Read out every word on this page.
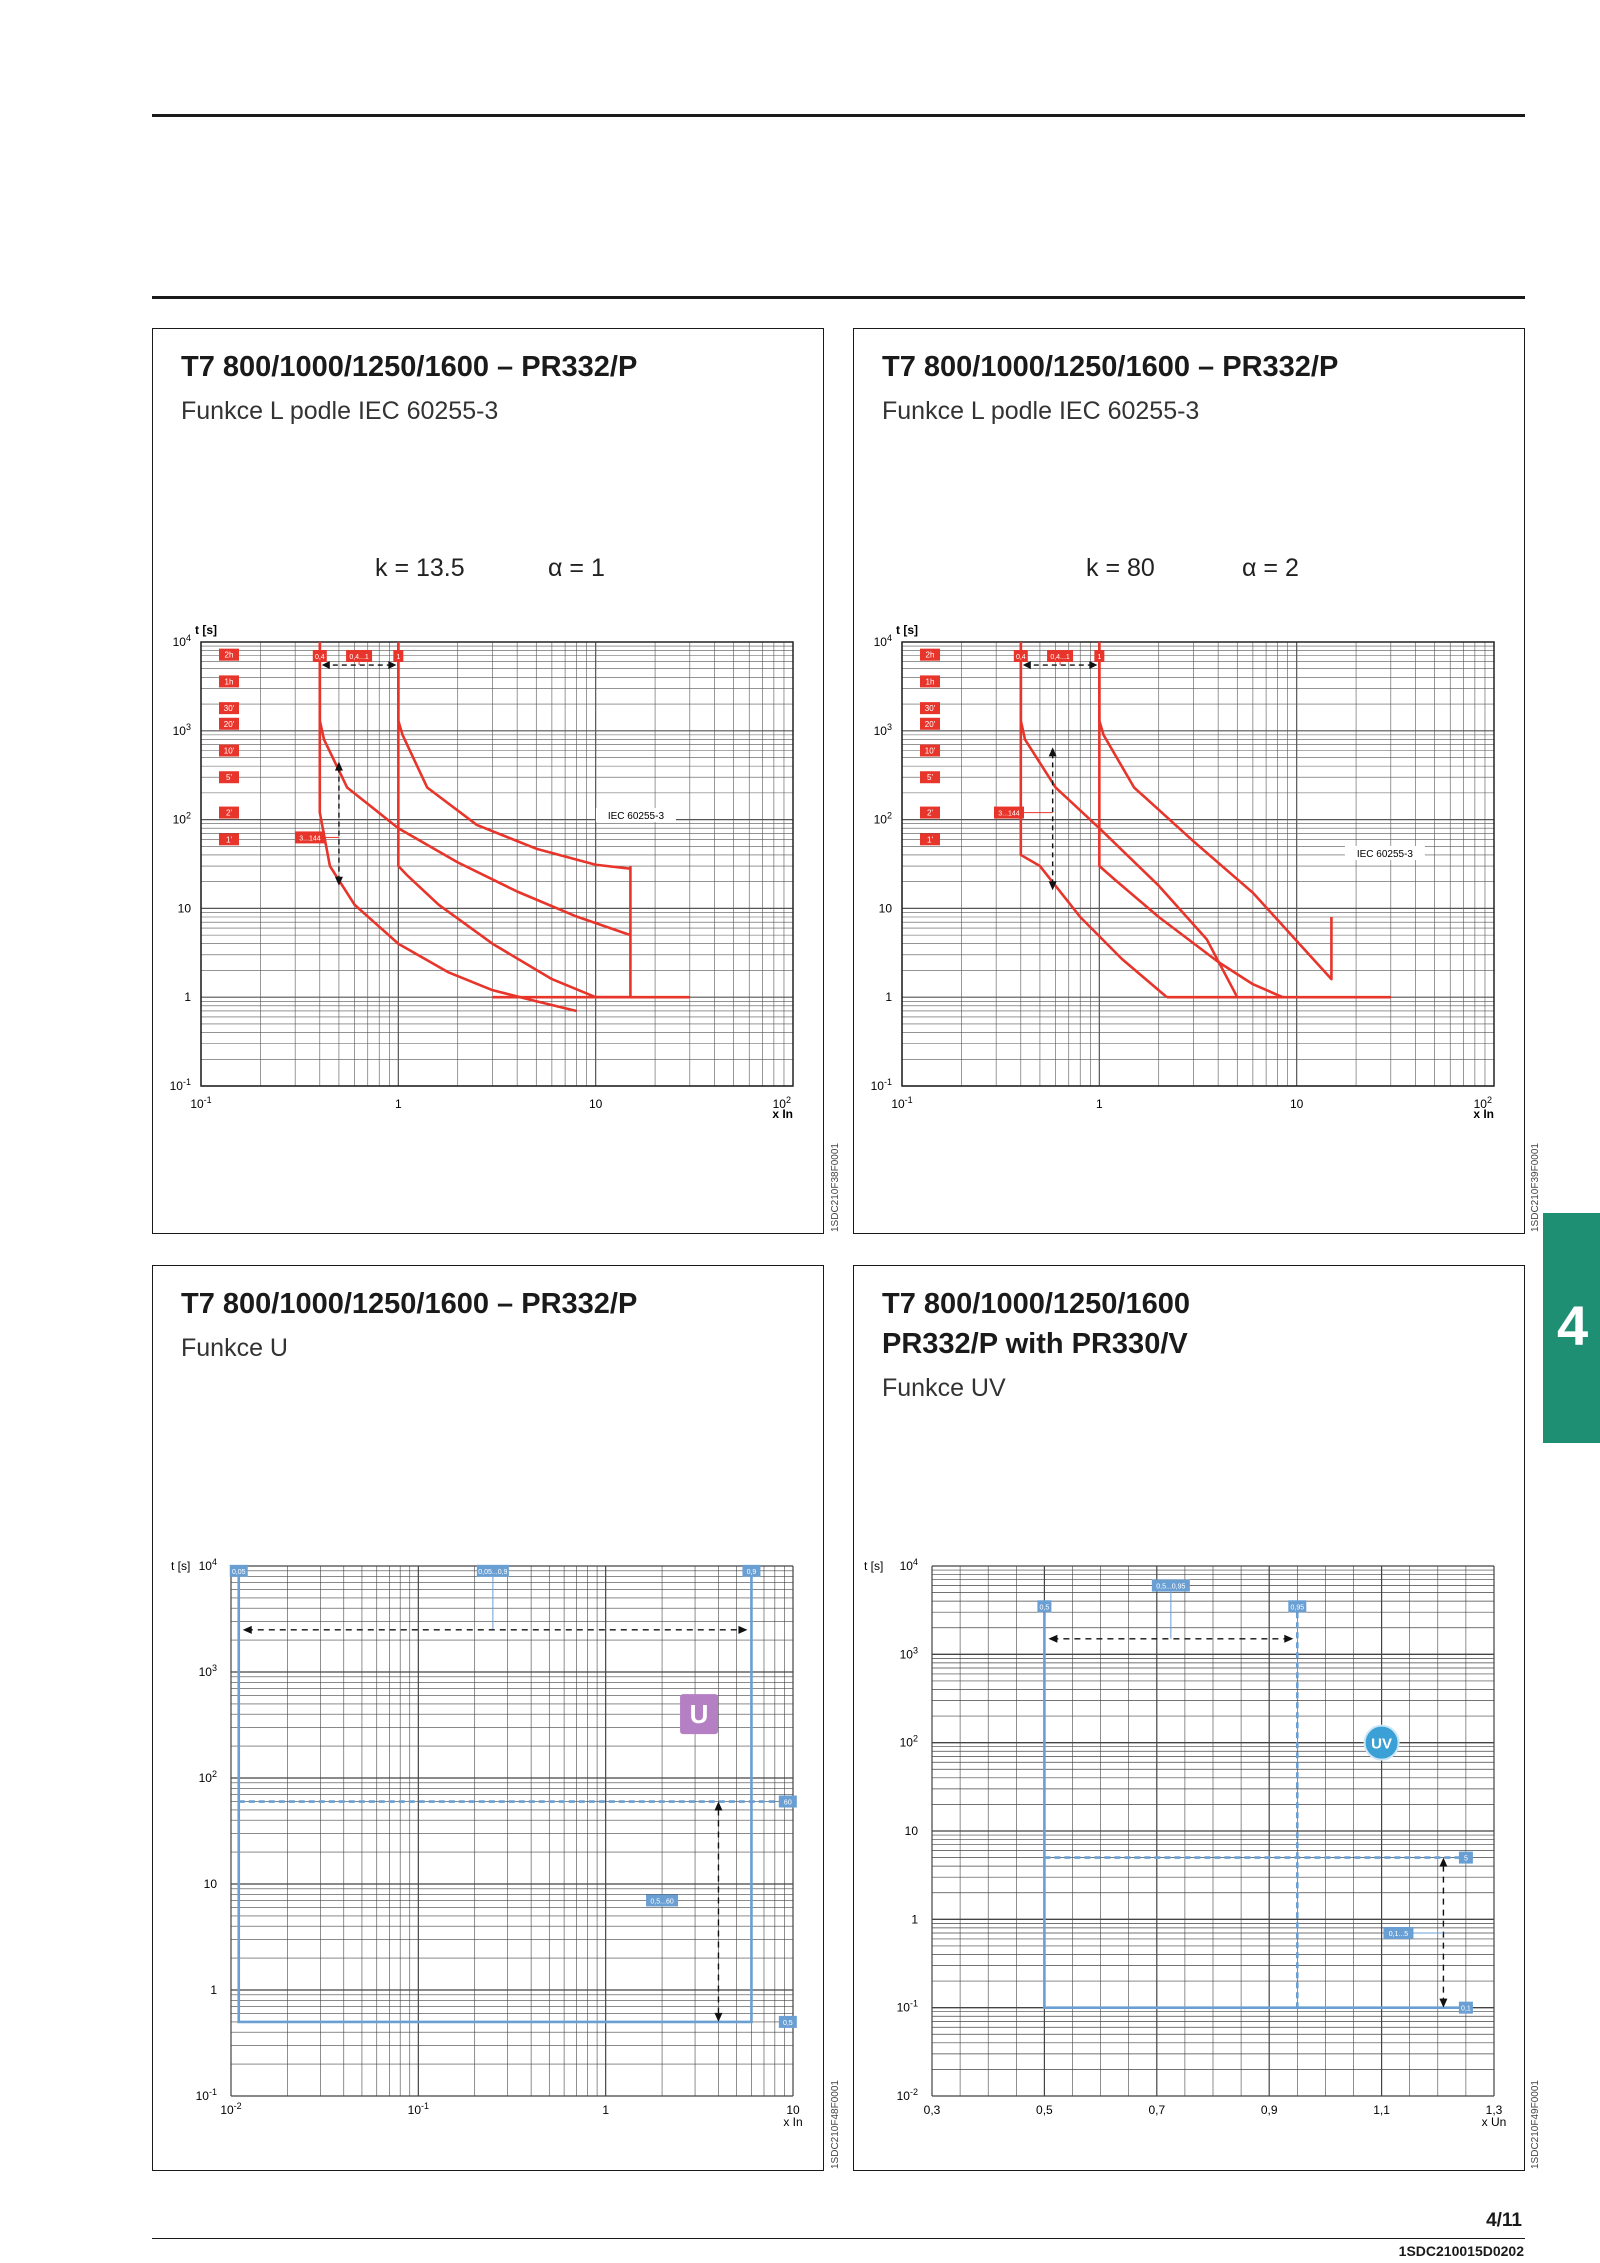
T7 800/1000/1250/1600 – PR332/P
Funkce L podle IEC 60255-3
k = 13.5	α = 1
t [s]
x In
$10^{-1}$
1
10
$10^2$
$10^3$
$10^4$
$10^{-1}$	1	10	$10^2$
2h
1h
30'
20'
10'
5'
2'
1'
0,4	0,4...1	1
3...144
IEC 60255-3
1SDC210F38F0001
T7 800/1000/1250/1600 – PR332/P
Funkce L podle IEC 60255-3
k = 80	α = 2
t [s]
x In
$10^{-1}$
1
10
$10^2$
$10^3$
$10^4$
$10^{-1}$	1	10	$10^2$
2h
1h
30'
20'
10'
5'
2'
1'
0,4	0,4...1	1
3...144
IEC 60255-3
1SDC210F39F0001
T7 800/1000/1250/1600 – PR332/P
Funkce U
t [s]
$10^{-1}$
1
10
$10^2$
$10^3$
$10^4$
$10^{-2}$	$10^{-1}$	1	10
x In
0,05	0,05...0,9	0,9
60
0,5
0,5...60
U
1SDC210F48F0001
T7 800/1000/1250/1600
PR332/P with PR330/V
Funkce UV
t [s]
$10^{-2}$
$10^{-1}$
1
10
$10^2$
$10^3$
$10^4$
0,3	0,5	0,7	0,9	1,1	1,3
x Un
0,5
0,5...0,95
0,95
5
0,1
0,1...5
UV
1SDC210F49F0001
4
4/11
1SDC210015D0202
